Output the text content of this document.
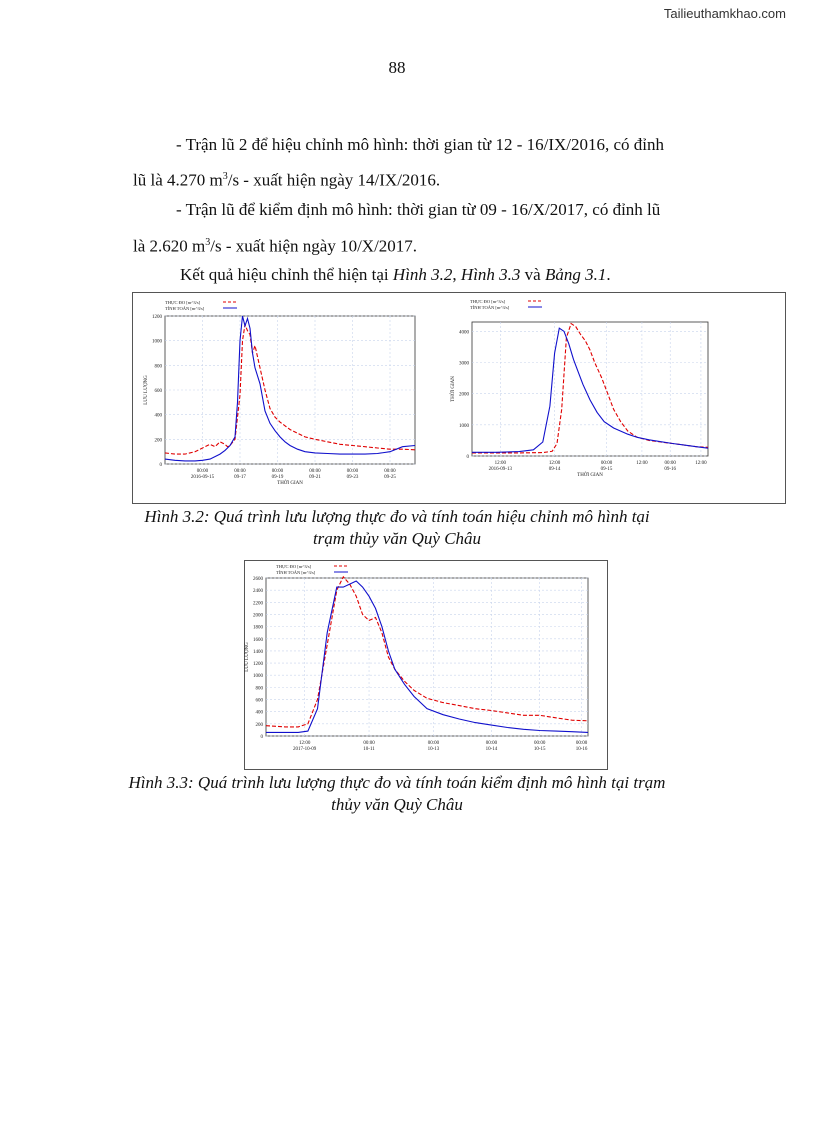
Tailieuthamkhao.com
88

- Trận lũ 2 để hiệu chỉnh mô hình: thời gian từ 12 - 16/IX/2016, có đỉnh

lũ là 4.270 $m^3/s$ - xuất hiện ngày 14/IX/2016.

- Trận lũ để kiểm định mô hình: thời gian từ 09 - 16/X/2017, có đỉnh lũ

là 2.620 $m^3/s$ - xuất hiện ngày 10/X/2017.

Kết quả hiệu chỉnh thể hiện tại Hình 3.2, Hình 3.3 và Bảng 3.1.

0
200
400
600
800
1000
1200
00:00
2016-09-15
00:00
09-17
00:00
09-19
00:00
09-21
00:00
09-23
00:00
09-25
LƯU LƯỢNG
THỜI GIAN
THỰC ĐO [m^3/s]
TÍNH TOÁN [m^3/s]
0
1000
2000
3000
4000
12:00
2016-09-13
12:00
09-14
00:00
09-15
12:00	00:00
09-16
12:00
THỜI GIAN
THỜI GIAN
THỰC ĐO [m^3/s]
TÍNH TOÁN [m^3/s]
Hình 3.2: Quá trình lưu lượng thực đo và tính toán hiệu chỉnh mô hình tại
trạm thủy văn Quỳ Châu
0
200
400
600
800
1000
1200
1400
1600
1800
2000
2200
2400
2600
12:00
2017-10-09
00:00
10-11
00:00
10-13
00:00
10-14
00:00
10-15
00:00
10-16
LƯU LƯỢNG
THỰC ĐO [m^3/s]
TÍNH TOÁN [m^3/s]
Hình 3.3: Quá trình lưu lượng thực đo và tính toán kiểm định mô hình tại trạm
thủy văn Quỳ Châu
